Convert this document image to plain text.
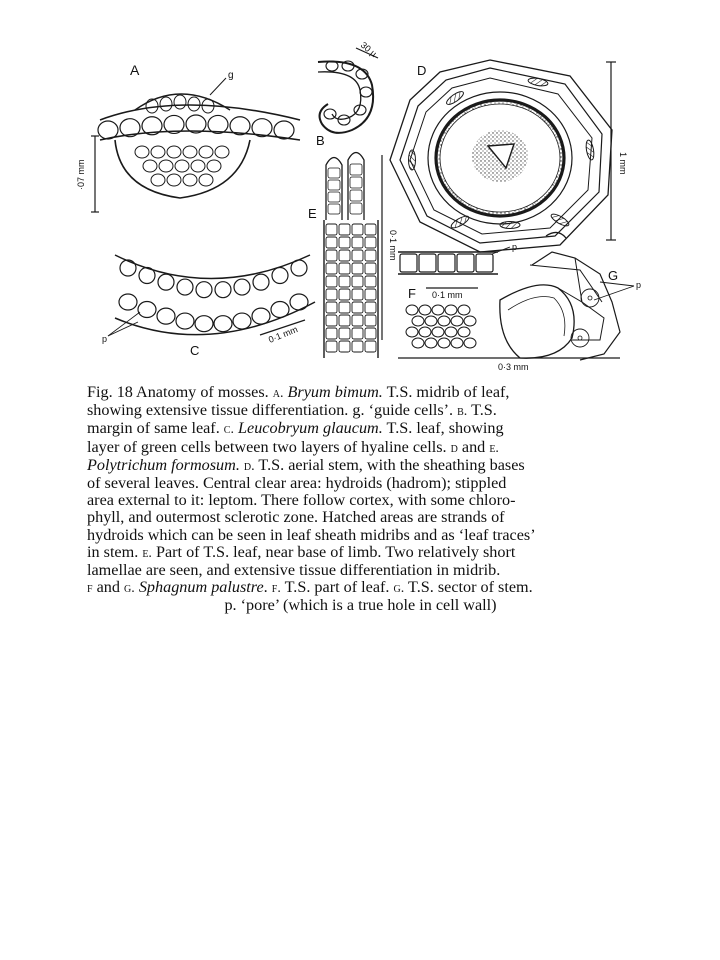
A	g
·07 mm
B
30 µ
C
p	0·1 mm
E
0·1 mm
D
1 mm
F
p
0·1 mm
G
p
0·3 mm

Fig. 18 Anatomy of mosses. a. Bryum bimum. T.S. midrib of leaf,

showing extensive tissue differentiation. g. ‘guide cells’. b. T.S.

margin of same leaf. c. Leucobryum glaucum. T.S. leaf, showing

layer of green cells between two layers of hyaline cells. d and e.

Polytrichum formosum. d. T.S. aerial stem, with the sheathing bases

of several leaves. Central clear area: hydroids (hadrom); stippled

area external to it: leptom. There follow cortex, with some chloro-

phyll, and outermost sclerotic zone. Hatched areas are strands of

hydroids which can be seen in leaf sheath midribs and as ‘leaf traces’

in stem. e. Part of T.S. leaf, near base of limb. Two relatively short

lamellae are seen, and extensive tissue differentiation in midrib.

f and g. Sphagnum palustre. f. T.S. part of leaf. g. T.S. sector of stem.

p. ‘pore’ (which is a true hole in cell wall)
